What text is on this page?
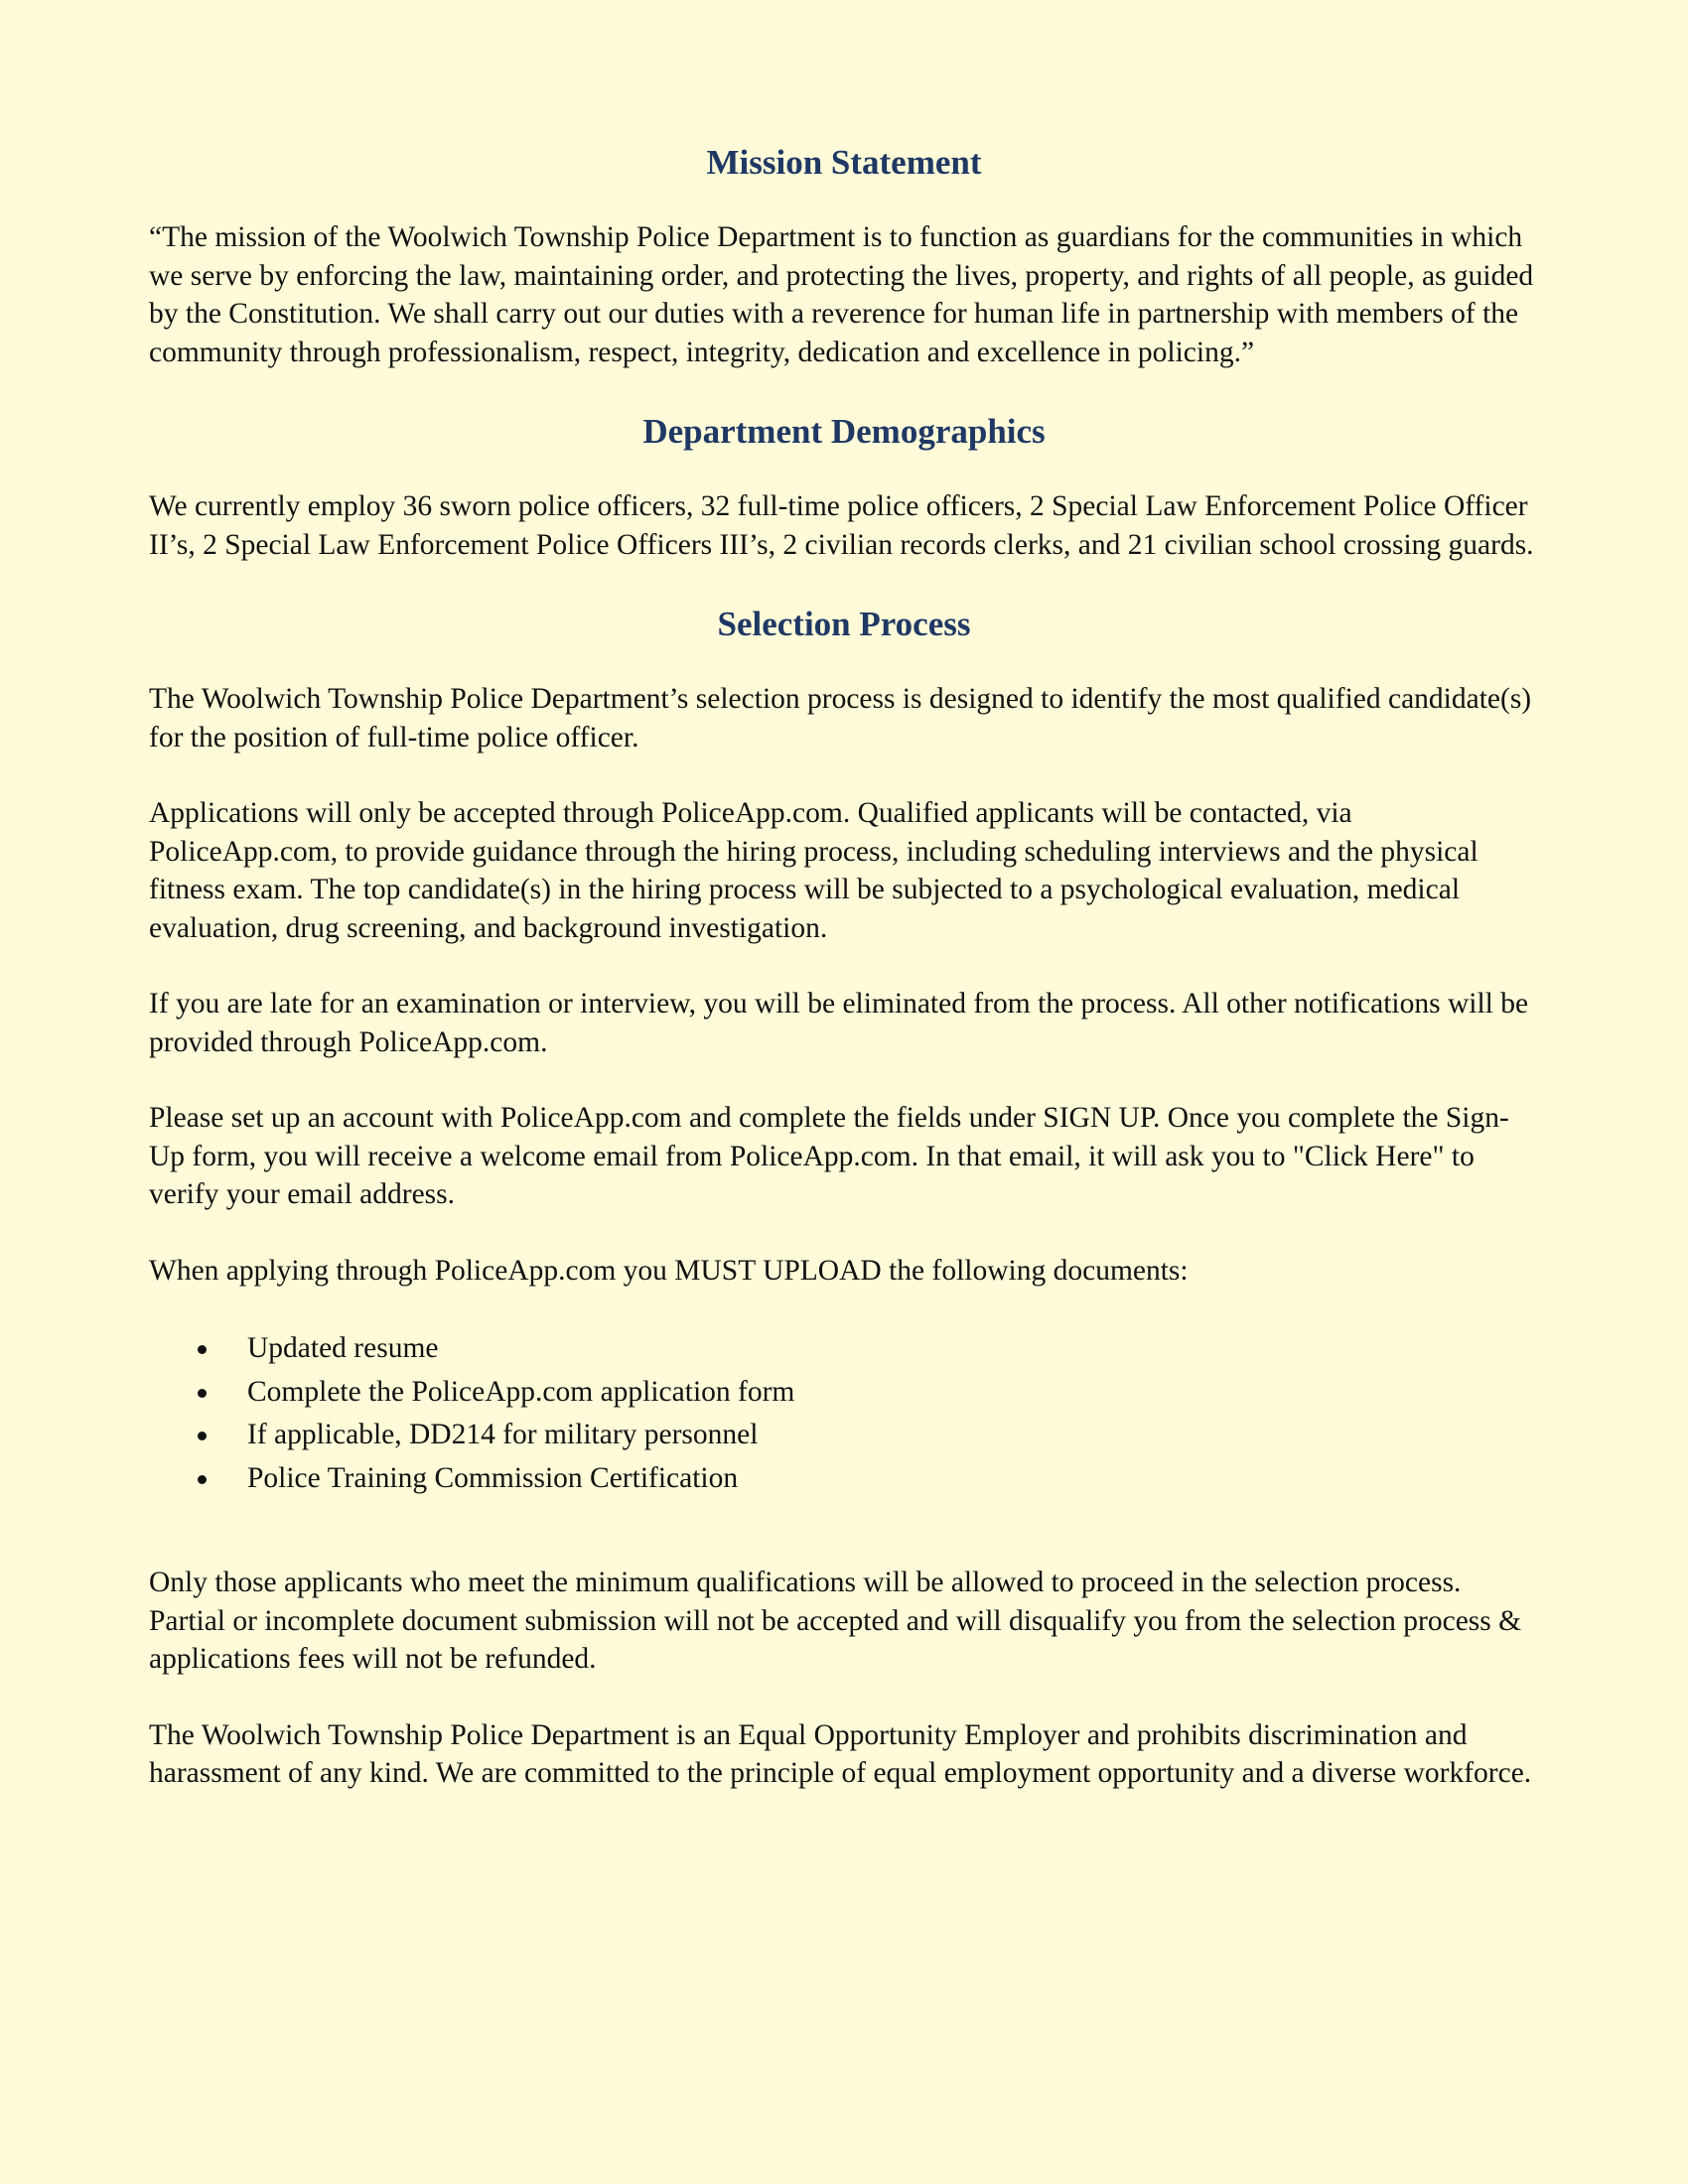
Mission Statement

“The mission of the Woolwich Township Police Department is to function as guardians for the communities in which we serve by enforcing the law, maintaining order, and protecting the lives, property, and rights of all people, as guided by the Constitution. We shall carry out our duties with a reverence for human life in partnership with members of the community through professionalism, respect, integrity, dedication and excellence in policing.”

Department Demographics

We currently employ 36 sworn police officers, 32 full-time police officers, 2 Special Law Enforcement Police Officer II’s, 2 Special Law Enforcement Police Officers III’s, 2 civilian records clerks, and 21 civilian school crossing guards.

Selection Process

The Woolwich Township Police Department’s selection process is designed to identify the most qualified candidate(s) for the position of full-time police officer.

Applications will only be accepted through PoliceApp.com. Qualified applicants will be contacted, via PoliceApp.com, to provide guidance through the hiring process, including scheduling interviews and the physical fitness exam. The top candidate(s) in the hiring process will be subjected to a psychological evaluation, medical evaluation, drug screening, and background investigation.

If you are late for an examination or interview, you will be eliminated from the process. All other notifications will be provided through PoliceApp.com.

Please set up an account with PoliceApp.com and complete the fields under SIGN UP. Once you complete the Sign-Up form, you will receive a welcome email from PoliceApp.com. In that email, it will ask you to "Click Here" to verify your email address.

When applying through PoliceApp.com you MUST UPLOAD the following documents:

Updated resume
Complete the PoliceApp.com application form
If applicable, DD214 for military personnel
Police Training Commission Certification

Only those applicants who meet the minimum qualifications will be allowed to proceed in the selection process. Partial or incomplete document submission will not be accepted and will disqualify you from the selection process & applications fees will not be refunded.

The Woolwich Township Police Department is an Equal Opportunity Employer and prohibits discrimination and harassment of any kind. We are committed to the principle of equal employment opportunity and a diverse workforce.
